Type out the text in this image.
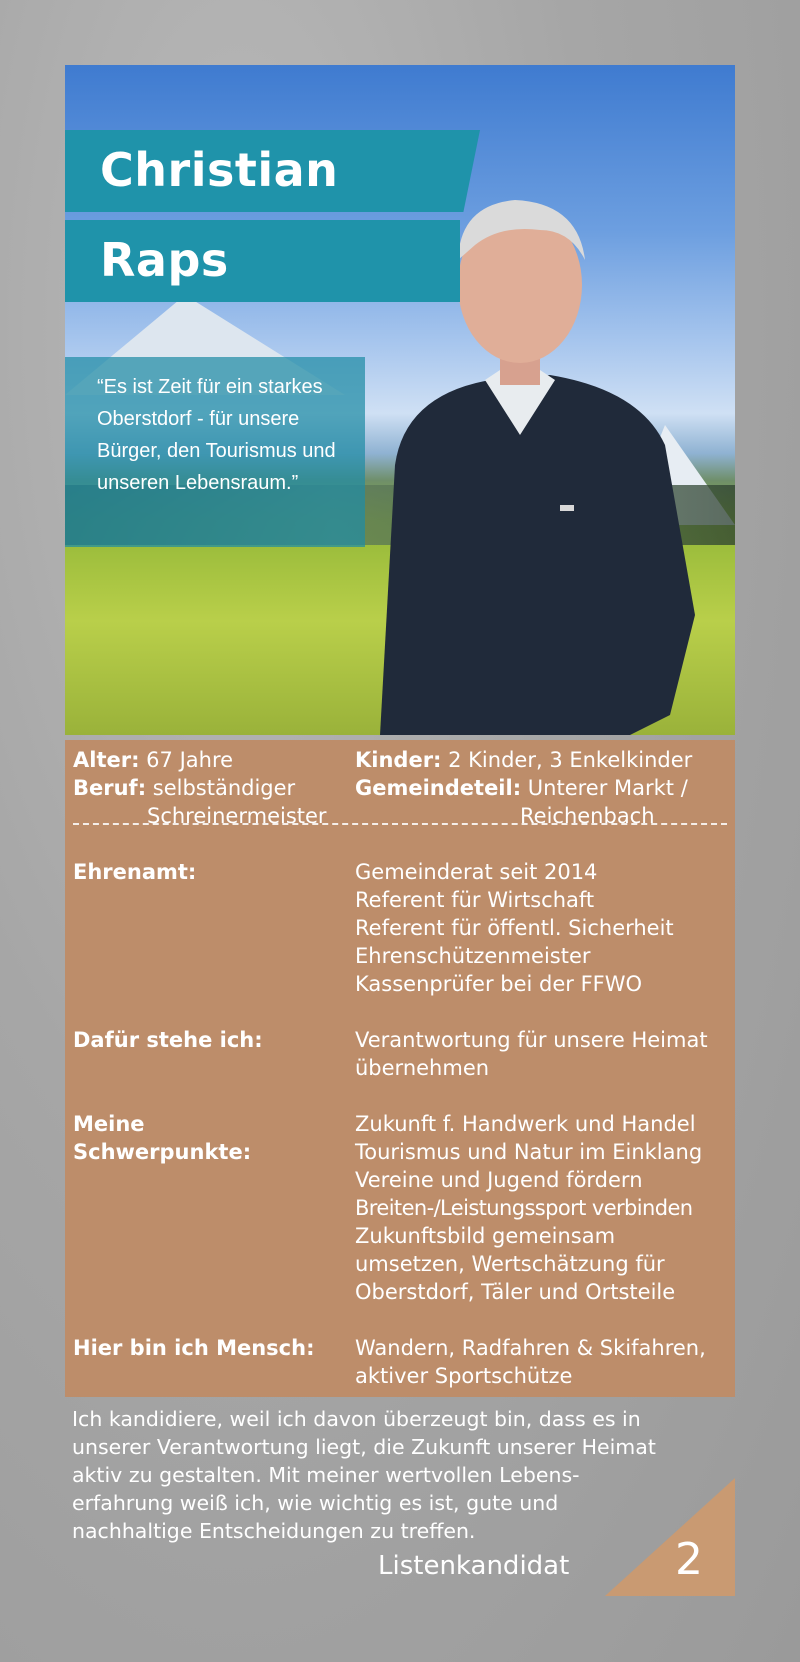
Christian
Raps
“Es ist Zeit für ein starkes Oberstdorf - für unsere Bürger, den Tourismus und unseren Lebensraum.”
Alter: 67 Jahre
Beruf: selbständiger
Schreinermeister
Kinder: 2 Kinder, 3 Enkelkinder
Gemeindeteil: Unterer Markt /
Reichenbach
Ehrenamt:	Gemeinderat seit 2014
Referent für Wirtschaft
Referent für öffentl. Sicherheit
Ehrenschützenmeister
Kassenprüfer bei der FFWO
Dafür stehe ich:	Verantwortung für unsere Heimat
übernehmen
Meine
Schwerpunkte:
Zukunft f. Handwerk und Handel
Tourismus und Natur im Einklang
Vereine und Jugend fördern
Breiten-/Leistungssport verbinden
Zukunftsbild gemeinsam
umsetzen, Wertschätzung für
Oberstdorf, Täler und Ortsteile
Hier bin ich Mensch: Wandern, Radfahren & Skifahren,
aktiver Sportschütze
Ich kandidiere, weil ich davon überzeugt bin, dass es in
unserer Verantwortung liegt, die Zukunft unserer Heimat
aktiv zu gestalten. Mit meiner wertvollen Lebens-
erfahrung weiß ich, wie wichtig es ist, gute und
nachhaltige Entscheidungen zu treffen.
Listenkandidat 2
